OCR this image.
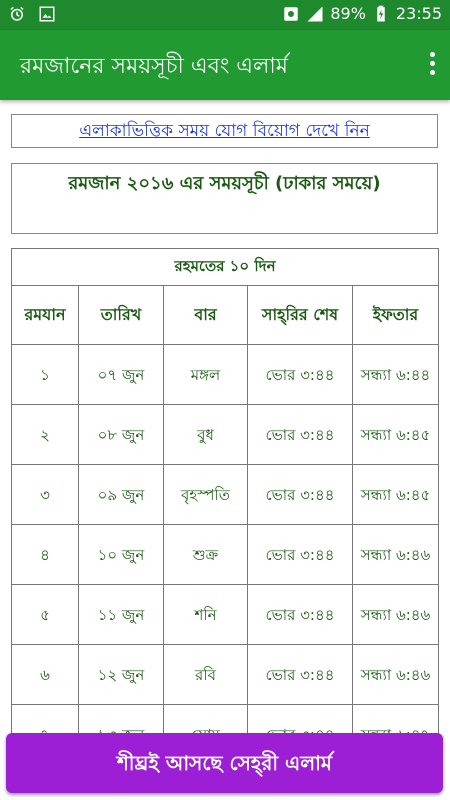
89% 23:55
রমজানের সময়সূচী এবং এলার্ম
এলাকাভিত্তিক সময় যোগ বিয়োগ দেখে নিন
রমজান ২০১৬ এর সময়সূচী (ঢাকার সময়ে)
রহমতের ১০ দিন				
রমযান	তারিখ	বার	সাহ্‌রির শেষ	ইফতার
১	০৭ জুন	মঙ্গল	ভোর ৩:৪৪	সন্ধ্যা ৬:৪৪
২	০৮ জুন	বুধ	ভোর ৩:৪৪	সন্ধ্যা ৬:৪৫
৩	০৯ জুন	বৃহস্পতি	ভোর ৩:৪৪	সন্ধ্যা ৬:৪৫
৪	১০ জুন	শুক্র	ভোর ৩:৪৪	সন্ধ্যা ৬:৪৬
৫	১১ জুন	শনি	ভোর ৩:৪৪	সন্ধ্যা ৬:৪৬
৬	১২ জুন	রবি	ভোর ৩:৪৪	সন্ধ্যা ৬:৪৬

শীঘ্রই আসছে সেহ্‌রী এলার্ম
